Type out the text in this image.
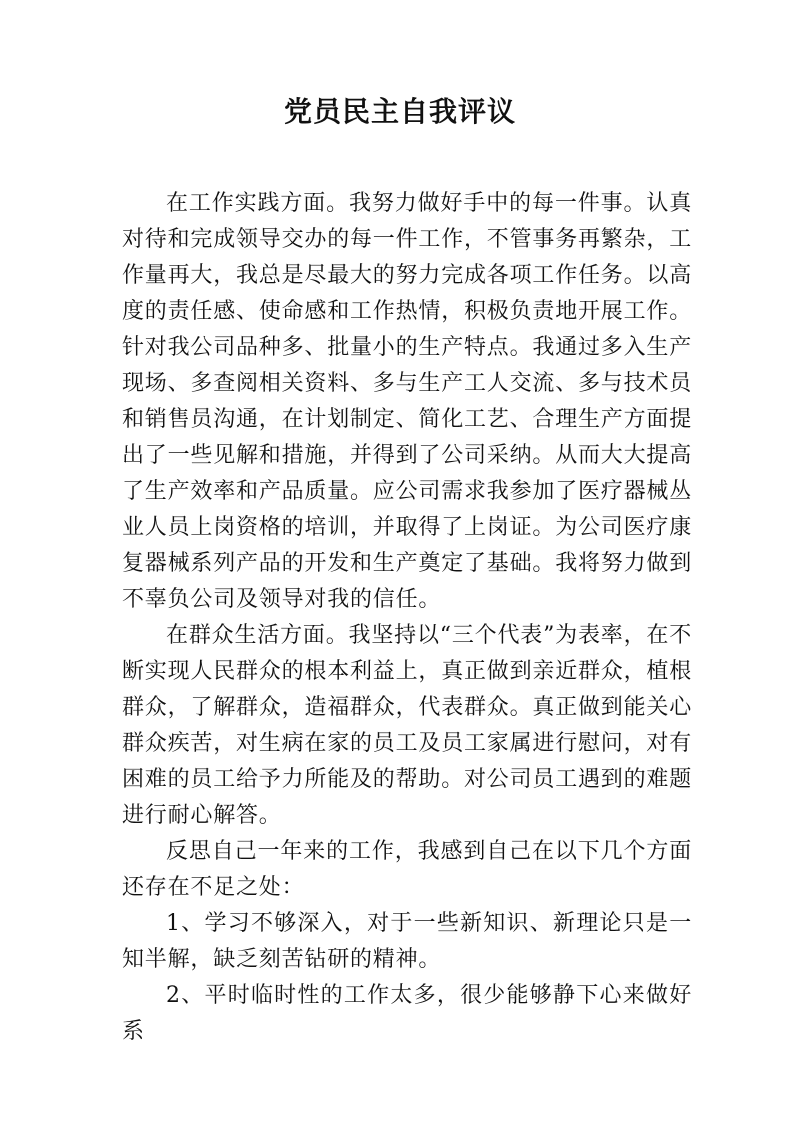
党员民主自我评议

在工作实践方面。我努力做好手中的每一件事。认真对待和完成领导交办的每一件工作，不管事务再繁杂，工作量再大，我总是尽最大的努力完成各项工作任务。以高度的责任感、使命感和工作热情，积极负责地开展工作。针对我公司品种多、批量小的生产特点。我通过多入生产现场、多查阅相关资料、多与生产工人交流、多与技术员和销售员沟通，在计划制定、简化工艺、合理生产方面提出了一些见解和措施，并得到了公司采纳。从而大大提高了生产效率和产品质量。应公司需求我参加了医疗器械丛业人员上岗资格的培训，并取得了上岗证。为公司医疗康复器械系列产品的开发和生产奠定了基础。我将努力做到不辜负公司及领导对我的信任。

在群众生活方面。我坚持以“三个代表”为表率，在不断实现人民群众的根本利益上，真正做到亲近群众，植根群众，了解群众，造福群众，代表群众。真正做到能关心群众疾苦，对生病在家的员工及员工家属进行慰问，对有困难的员工给予力所能及的帮助。对公司员工遇到的难题进行耐心解答。

反思自己一年来的工作，我感到自己在以下几个方面还存在不足之处：

1、学习不够深入，对于一些新知识、新理论只是一知半解，缺乏刻苦钻研的精神。

2、平时临时性的工作太多，很少能够静下心来做好系
